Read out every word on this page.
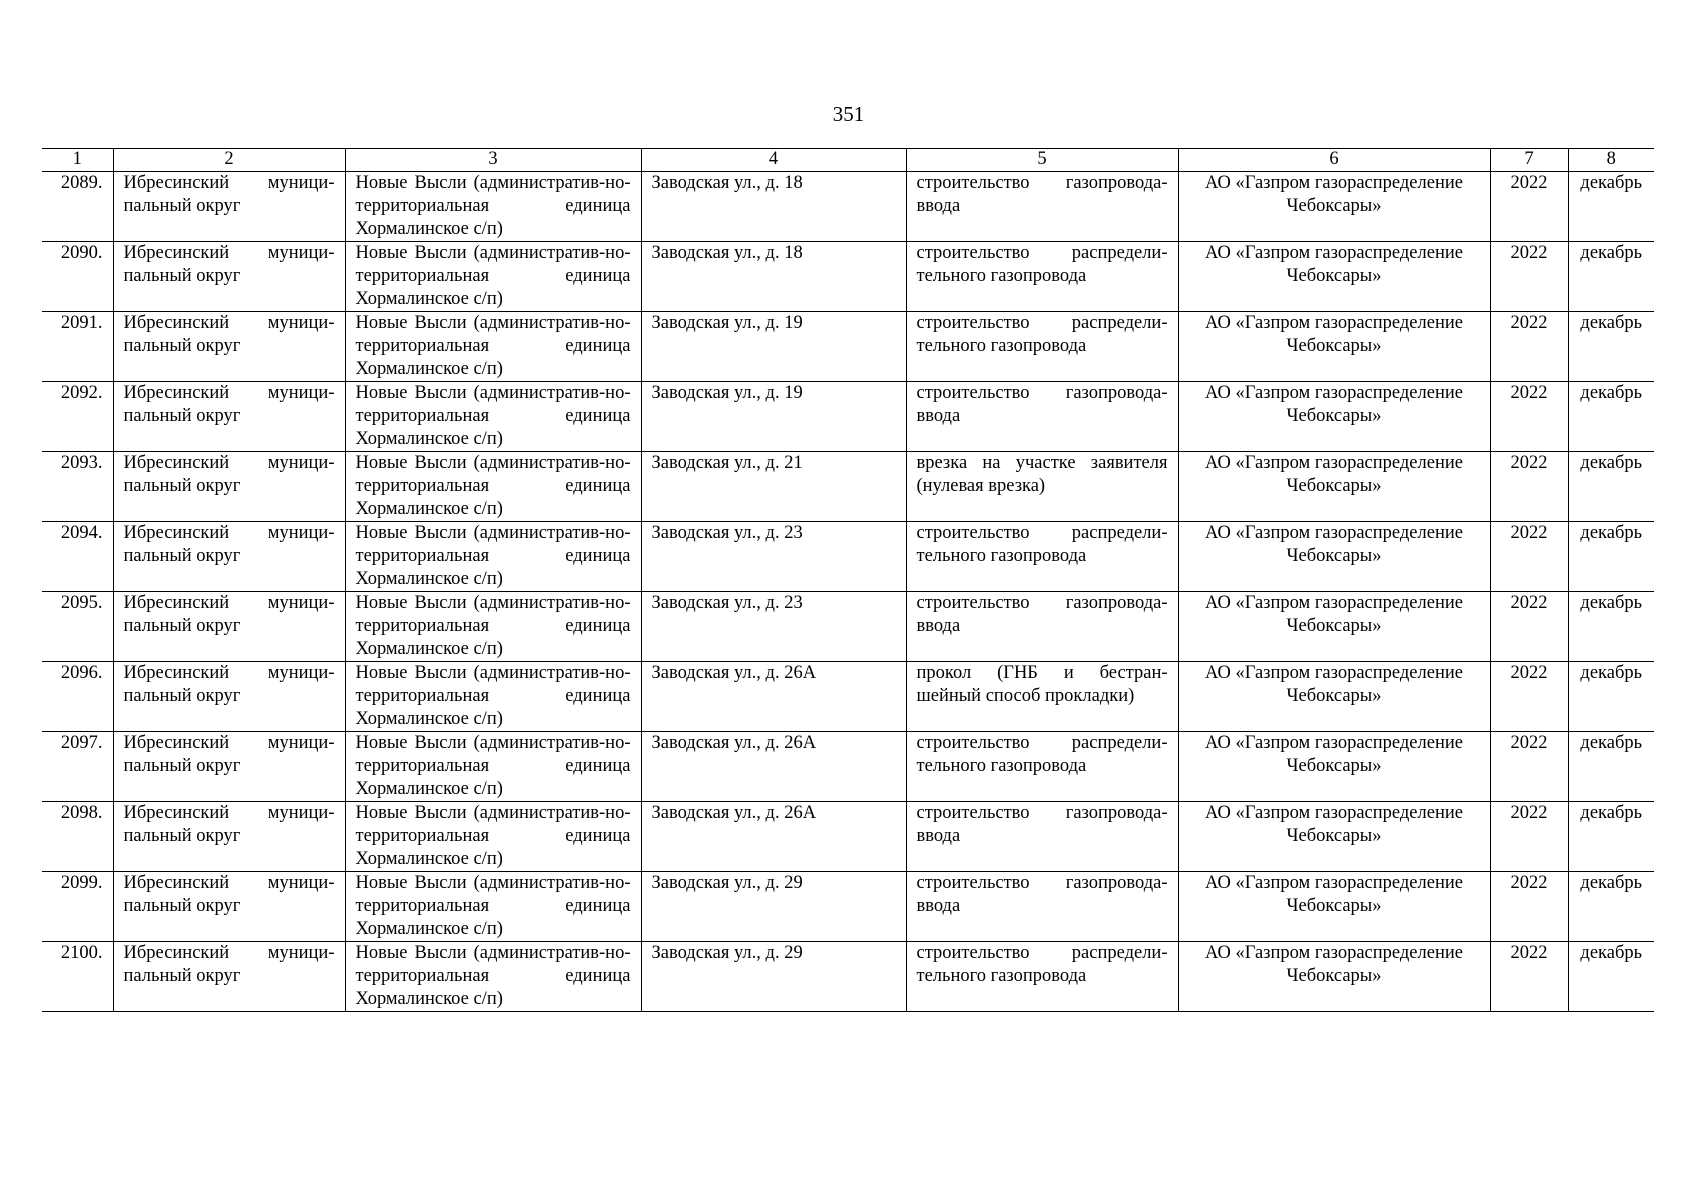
351
1	2	3	4	5	6	7	8
2089.	Ибресинский муници-пальный округ	Новые Высли (административ-но-территориальная единица Хормалинское с/п)	Заводская ул., д. 18	строительство газопровода-ввода	АО «Газпром газораспределение Чебоксары»	2022	декабрь
2090.	Ибресинский муници-пальный округ	Новые Высли (административ-но-территориальная единица Хормалинское с/п)	Заводская ул., д. 18	строительство распредели-тельного газопровода	АО «Газпром газораспределение Чебоксары»	2022	декабрь
2091.	Ибресинский муници-пальный округ	Новые Высли (административ-но-территориальная единица Хормалинское с/п)	Заводская ул., д. 19	строительство распредели-тельного газопровода	АО «Газпром газораспределение Чебоксары»	2022	декабрь
2092.	Ибресинский муници-пальный округ	Новые Высли (административ-но-территориальная единица Хормалинское с/п)	Заводская ул., д. 19	строительство газопровода-ввода	АО «Газпром газораспределение Чебоксары»	2022	декабрь
2093.	Ибресинский муници-пальный округ	Новые Высли (административ-но-территориальная единица Хормалинское с/п)	Заводская ул., д. 21	врезка на участке заявителя (нулевая врезка)	АО «Газпром газораспределение Чебоксары»	2022	декабрь
2094.	Ибресинский муници-пальный округ	Новые Высли (административ-но-территориальная единица Хормалинское с/п)	Заводская ул., д. 23	строительство распредели-тельного газопровода	АО «Газпром газораспределение Чебоксары»	2022	декабрь
2095.	Ибресинский муници-пальный округ	Новые Высли (административ-но-территориальная единица Хормалинское с/п)	Заводская ул., д. 23	строительство газопровода-ввода	АО «Газпром газораспределение Чебоксары»	2022	декабрь
2096.	Ибресинский муници-пальный округ	Новые Высли (административ-но-территориальная единица Хормалинское с/п)	Заводская ул., д. 26А	прокол (ГНБ и бестран-шейный способ прокладки)	АО «Газпром газораспределение Чебоксары»	2022	декабрь
2097.	Ибресинский муници-пальный округ	Новые Высли (административ-но-территориальная единица Хормалинское с/п)	Заводская ул., д. 26А	строительство распредели-тельного газопровода	АО «Газпром газораспределение Чебоксары»	2022	декабрь
2098.	Ибресинский муници-пальный округ	Новые Высли (административ-но-территориальная единица Хормалинское с/п)	Заводская ул., д. 26А	строительство газопровода-ввода	АО «Газпром газораспределение Чебоксары»	2022	декабрь
2099.	Ибресинский муници-пальный округ	Новые Высли (административ-но-территориальная единица Хормалинское с/п)	Заводская ул., д. 29	строительство газопровода-ввода	АО «Газпром газораспределение Чебоксары»	2022	декабрь
2100.	Ибресинский муници-пальный округ	Новые Высли (административ-но-территориальная единица Хормалинское с/п)	Заводская ул., д. 29	строительство распредели-тельного газопровода	АО «Газпром газораспределение Чебоксары»	2022	декабрь
